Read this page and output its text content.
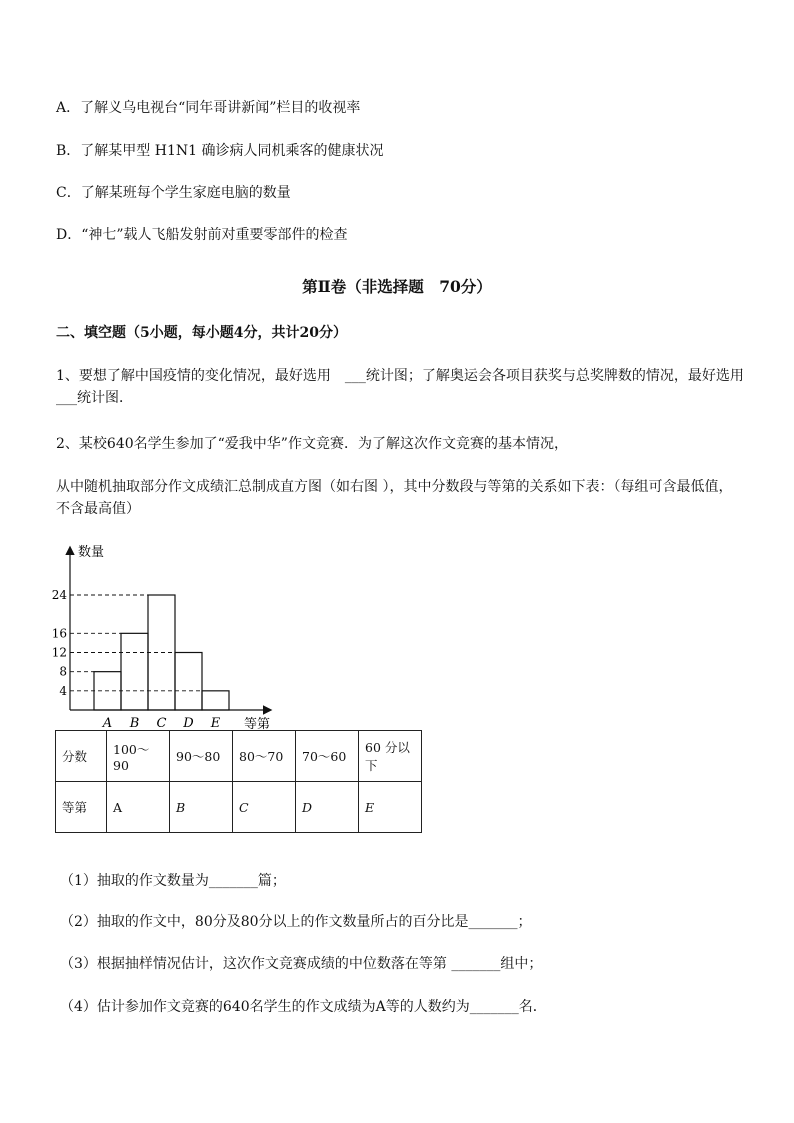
A．了解义乌电视台“同年哥讲新闻”栏目的收视率
B．了解某甲型 H1N1 确诊病人同机乘客的健康状况
C．了解某班每个学生家庭电脑的数量
D．“神七”载人飞船发射前对重要零部件的检查
第Ⅱ卷（非选择题　70分）
二、填空题（5小题，每小题4分，共计20分）
1、要想了解中国疫情的变化情况，最好选用　___统计图；了解奥运会各项目获奖与总奖牌数的情况，最好选用 ___统计图．
2、某校640名学生参加了“爱我中华”作文竞赛．为了解这次作文竞赛的基本情况，
从中随机抽取部分作文成绩汇总制成直方图（如右图 ），其中分数段与等第的关系如下表：（每组可含最低值，不含最高值）
数量
等第
4
8
12
16
24
A B C D E
分数	100～90	90～80	80～70	70～60	60 分以下
等第	A	B	C	D	E
（1）抽取的作文数量为_______篇；
（2）抽取的作文中，80分及80分以上的作文数量所占的百分比是_______；
（3）根据抽样情况估计，这次作文竞赛成绩的中位数落在等第 _______组中；
（4）估计参加作文竞赛的640名学生的作文成绩为A等的人数约为_______名．
